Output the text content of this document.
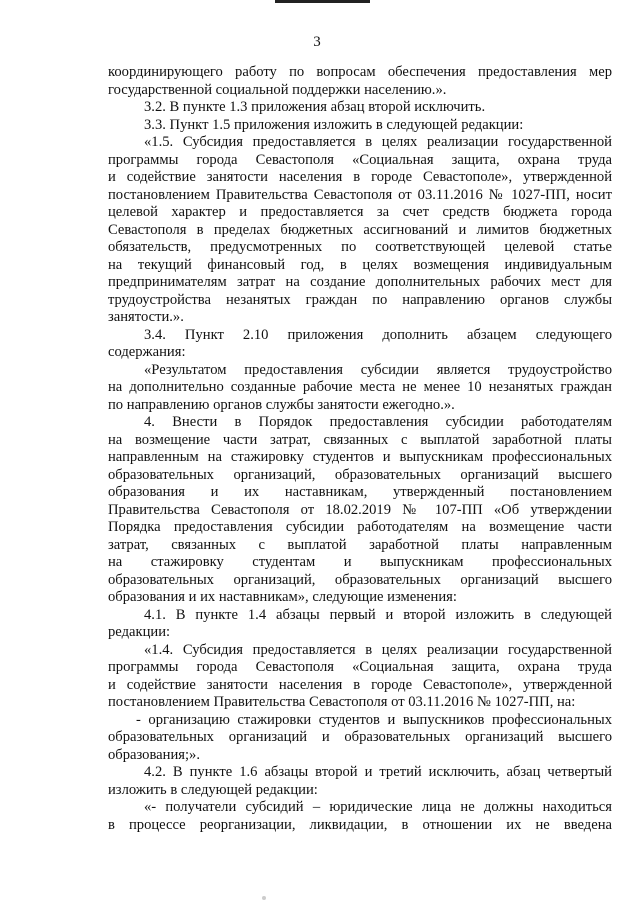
3
координирующего работу по вопросам обеспечения предоставления мер
государственной социальной поддержки населению.».
3.2. В пункте 1.3 приложения абзац второй исключить.
3.3. Пункт 1.5 приложения изложить в следующей редакции:
«1.5. Субсидия предоставляется в целях реализации государственной
программы города Севастополя «Социальная защита, охрана труда
и содействие занятости населения в городе Севастополе», утвержденной
постановлением Правительства Севастополя от 03.11.2016 № 1027-ПП, носит
целевой характер и предоставляется за счет средств бюджета города
Севастополя в пределах бюджетных ассигнований и лимитов бюджетных
обязательств, предусмотренных по соответствующей целевой статье
на текущий финансовый год, в целях возмещения индивидуальным
предпринимателям затрат на создание дополнительных рабочих мест для
трудоустройства незанятых граждан по направлению органов службы
занятости.».
3.4. Пункт 2.10 приложения дополнить абзацем следующего
содержания:
«Результатом предоставления субсидии является трудоустройство
на дополнительно созданные рабочие места не менее 10 незанятых граждан
по направлению органов службы занятости ежегодно.».
4. Внести в Порядок предоставления субсидии работодателям
на возмещение части затрат, связанных с выплатой заработной платы
направленным на стажировку студентов и выпускникам профессиональных
образовательных организаций, образовательных организаций высшего
образования и их наставникам, утвержденный постановлением
Правительства Севастополя от 18.02.2019 № 107-ПП «Об утверждении
Порядка предоставления субсидии работодателям на возмещение части
затрат, связанных с выплатой заработной платы направленным
на стажировку студентам и выпускникам профессиональных
образовательных организаций, образовательных организаций высшего
образования и их наставникам», следующие изменения:
4.1. В пункте 1.4 абзацы первый и второй изложить в следующей
редакции:
«1.4. Субсидия предоставляется в целях реализации государственной
программы города Севастополя «Социальная защита, охрана труда
и содействие занятости населения в городе Севастополе», утвержденной
постановлением Правительства Севастополя от 03.11.2016 № 1027-ПП, на:
- организацию стажировки студентов и выпускников профессиональных
образовательных организаций и образовательных организаций высшего
образования;».
4.2. В пункте 1.6 абзацы второй и третий исключить, абзац четвертый
изложить в следующей редакции:
«- получатели субсидий – юридические лица не должны находиться
в процессе реорганизации, ликвидации, в отношении их не введена
